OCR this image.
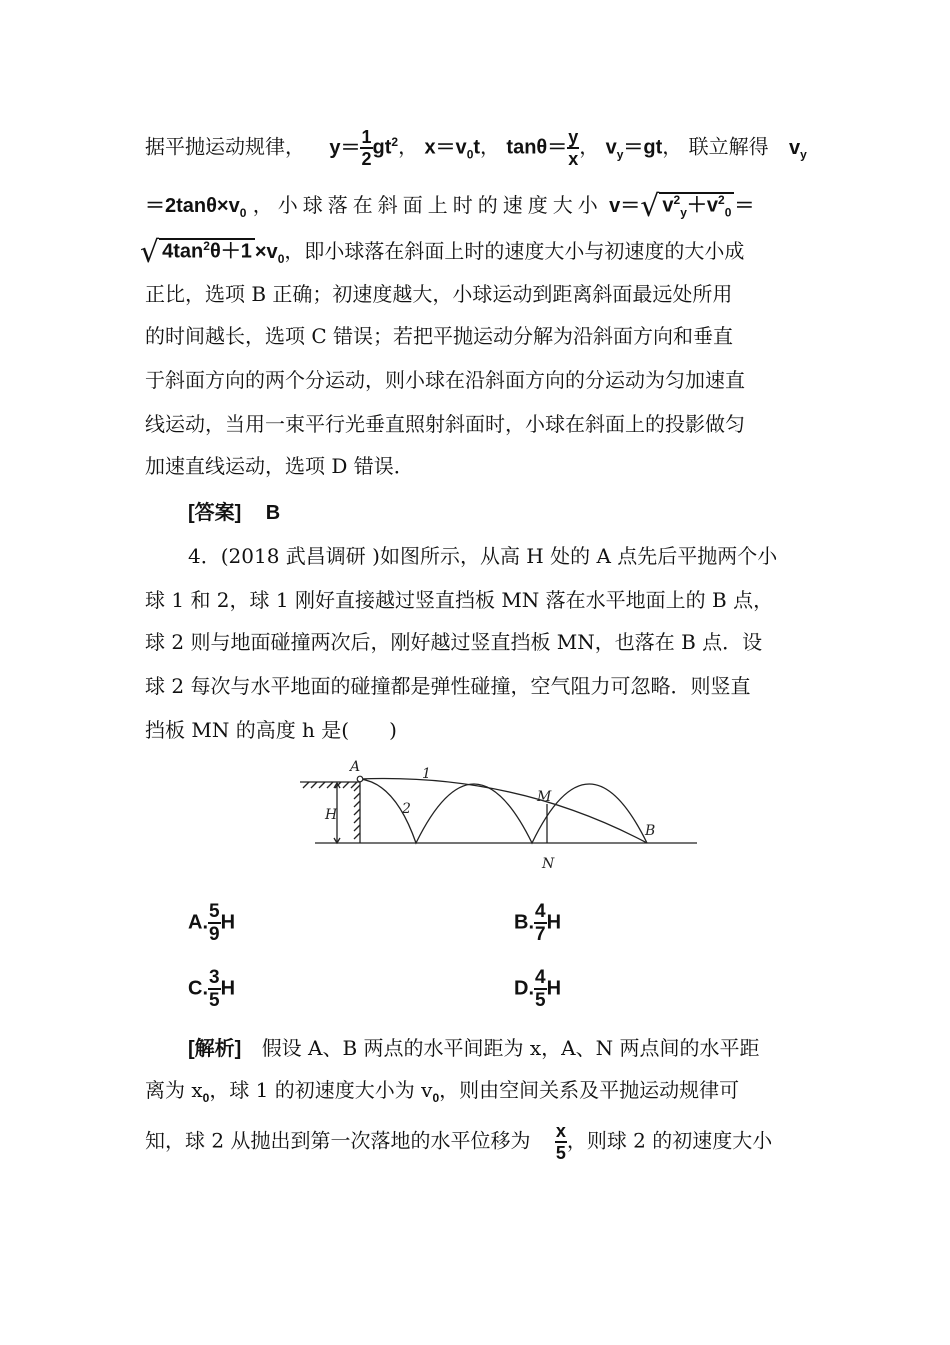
据平抛运动规律， $y= \frac{1}{2} gt^2$， $x=v_0t$， $\tan\theta= \frac{y}{x}$ ， $v_y=gt$， 联立解得 $v_y$
$=2\tan\theta\times v_0$ ，小球落在斜面上时的速度大小 v＝√ $v^2_y+v^2_0$ ＝
√ $4\tan^2\theta+1 \times v_0$，即小球落在斜面上时的速度大小与初速度的大小成
正比，选项 B 正确；初速度越大，小球运动到距离斜面最远处所用
的时间越长，选项 C 错误；若把平抛运动分解为沿斜面方向和垂直
于斜面方向的两个分运动，则小球在沿斜面方向的分运动为匀加速直
线运动，当用一束平行光垂直照射斜面时，小球在斜面上的投影做匀
加速直线运动，选项 D 错误．
[答案] B
4．(2018 武昌调研 )如图所示，从高 H 处的 A 点先后平抛两个小
球 1 和 2，球 1 刚好直接越过竖直挡板 MN 落在水平地面上的 B 点，
球 2 则与地面碰撞两次后，刚好越过竖直挡板 MN，也落在 B 点．设
球 2 每次与水平地面的碰撞都是弹性碰撞，空气阻力可忽略．则竖直
挡板 MN 的高度 h 是(　　)
A	1
2
M
N
B
H
A. $\frac{5}{9}$ H	B. $\frac{4}{7}$ H
C. $\frac{3}{5}$ H	D. $\frac{4}{5}$ H
[解析] 假设 A、B 两点的水平间距为 x，A、N 两点间的水平距
离为 $x_0$，球 1 的初速度大小为 $v_0$，则由空间关系及平抛运动规律可
知，球 2 从抛出到第一次落地的水平位移为 $\frac{x}{5}$ ，则球 2 的初速度大小
